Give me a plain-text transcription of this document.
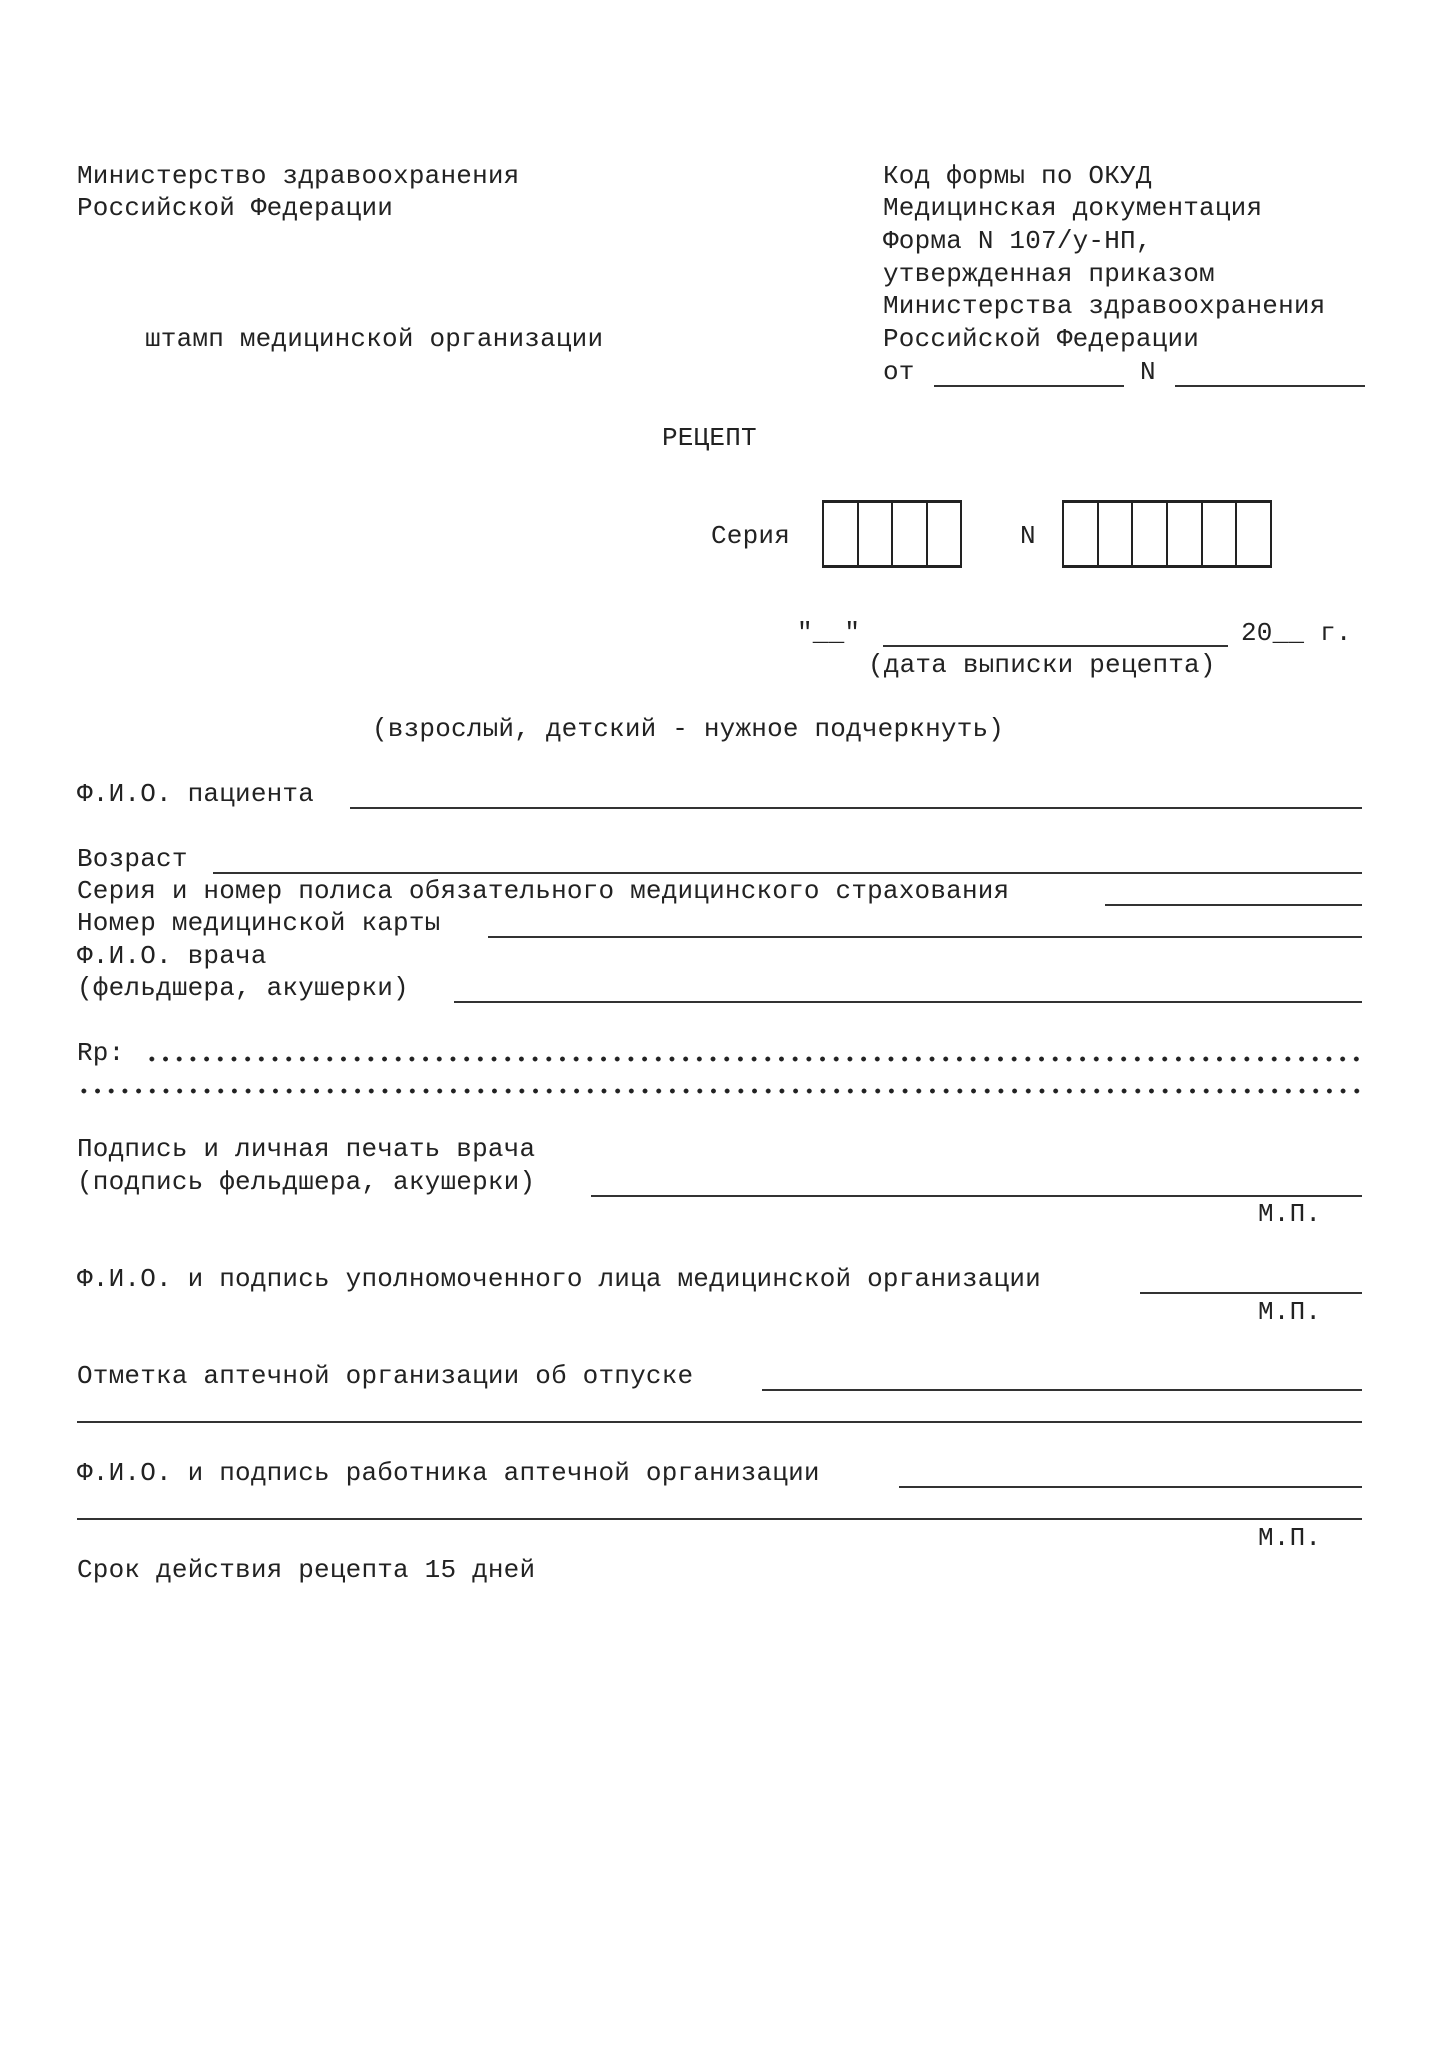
Министерство здравоохранения
Российской Федерации
штамп медицинской организации
Код формы по ОКУД
Медицинская документация
Форма N 107/у-НП,
утвержденная приказом
Министерства здравоохранения
Российской Федерации
от	N
РЕЦЕПТ
Серия	N
"__"	20__ г.
(дата выписки рецепта)
(взрослый, детский - нужное подчеркнуть)
Ф.И.О. пациента
Возраст
Серия и номер полиса обязательного медицинского страхования
Номер медицинской карты
Ф.И.О. врача
(фельдшера, акушерки)
Rp:
Подпись и личная печать врача
(подпись фельдшера, акушерки)
М.П.
Ф.И.О. и подпись уполномоченного лица медицинской организации
М.П.
Отметка аптечной организации об отпуске
Ф.И.О. и подпись работника аптечной организации
М.П.
Срок действия рецепта 15 дней
